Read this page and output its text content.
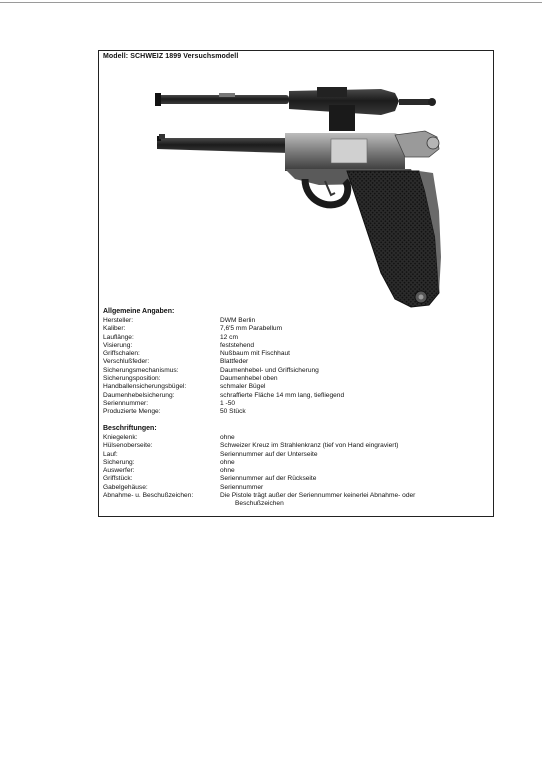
Modell: SCHWEIZ 1899 Versuchsmodell
Allgemeine Angaben:
Hersteller:	DWM Berlin
Kaliber:	7,6'5 mm Parabellum
Lauflänge:	12 cm
Visierung:	feststehend
Griffschalen:	Nußbaum mit Fischhaut
Verschlußfeder:	Blattfeder
Sicherungsmechanismus:	Daumenhebel- und Griffsicherung
Sicherungsposition:	Daumenhebel oben
Handballensicherungsbügel:	schmaler Bügel
Daumenhebelsicherung:	schraffierte Fläche 14 mm lang, tiefliegend
Seriennummer:	1 -50
Produzierte Menge:	50 Stück
Beschriftungen:
Kniegelenk:	ohne
Hülsenoberseite:	Schweizer Kreuz im Strahlenkranz (tief von Hand eingraviert)
Lauf:	Seriennummer auf der Unterseite
Sicherung:	ohne
Auswerfer:	ohne
Griffstück:	Seriennummer auf der Rückseite
Gabelgehäuse:	Seriennummer
Abnahme- u. Beschußzeichen:	Die Pistole trägt außer der Seriennummer keinerlei Abnahme- oder
Beschußzeichen
